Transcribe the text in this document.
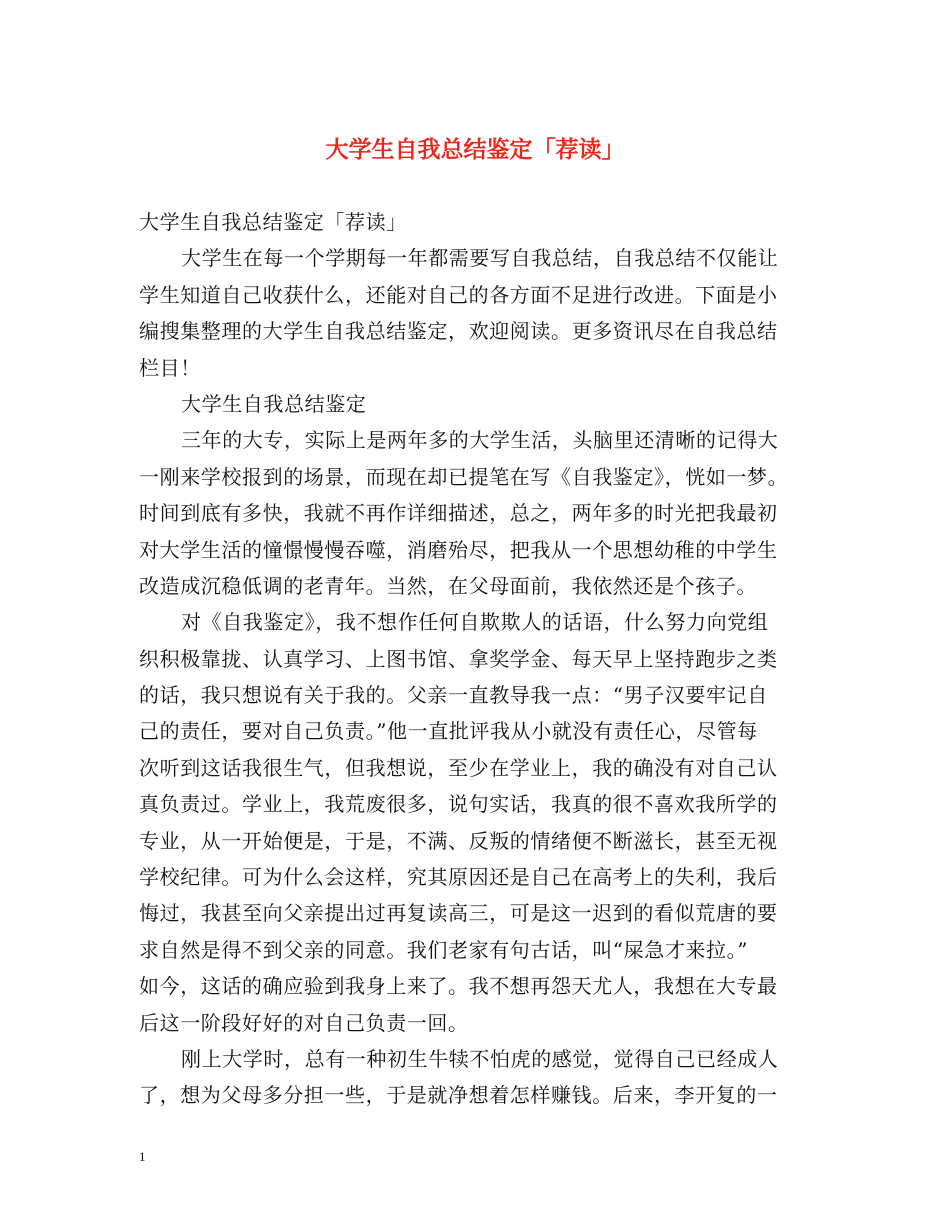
大学生自我总结鉴定「荐读」
大学生自我总结鉴定「荐读」
大学生在每一个学期每一年都需要写自我总结，自我总结不仅能让
学生知道自己收获什么，还能对自己的各方面不足进行改进。下面是小
编搜集整理的大学生自我总结鉴定，欢迎阅读。更多资讯尽在自我总结
栏目！
大学生自我总结鉴定
三年的大专，实际上是两年多的大学生活，头脑里还清晰的记得大
一刚来学校报到的场景，而现在却已提笔在写《自我鉴定》，恍如一梦。
时间到底有多快，我就不再作详细描述，总之，两年多的时光把我最初
对大学生活的憧憬慢慢吞噬，消磨殆尽，把我从一个思想幼稚的中学生
改造成沉稳低调的老青年。当然，在父母面前，我依然还是个孩子。
对《自我鉴定》，我不想作任何自欺欺人的话语，什么努力向党组
织积极靠拢、认真学习、上图书馆、拿奖学金、每天早上坚持跑步之类
的话，我只想说有关于我的。父亲一直教导我一点：“男子汉要牢记自
己的责任，要对自己负责。”他一直批评我从小就没有责任心，尽管每
次听到这话我很生气，但我想说，至少在学业上，我的确没有对自己认
真负责过。学业上，我荒废很多，说句实话，我真的很不喜欢我所学的
专业，从一开始便是，于是，不满、反叛的情绪便不断滋长，甚至无视
学校纪律。可为什么会这样，究其原因还是自己在高考上的失利，我后
悔过，我甚至向父亲提出过再复读高三，可是这一迟到的看似荒唐的要
求自然是得不到父亲的同意。我们老家有句古话，叫“屎急才来拉。”
如今，这话的确应验到我身上来了。我不想再怨天尤人，我想在大专最
后这一阶段好好的对自己负责一回。
刚上大学时，总有一种初生牛犊不怕虎的感觉，觉得自己已经成人
了，想为父母多分担一些，于是就净想着怎样赚钱。后来，李开复的一
1
